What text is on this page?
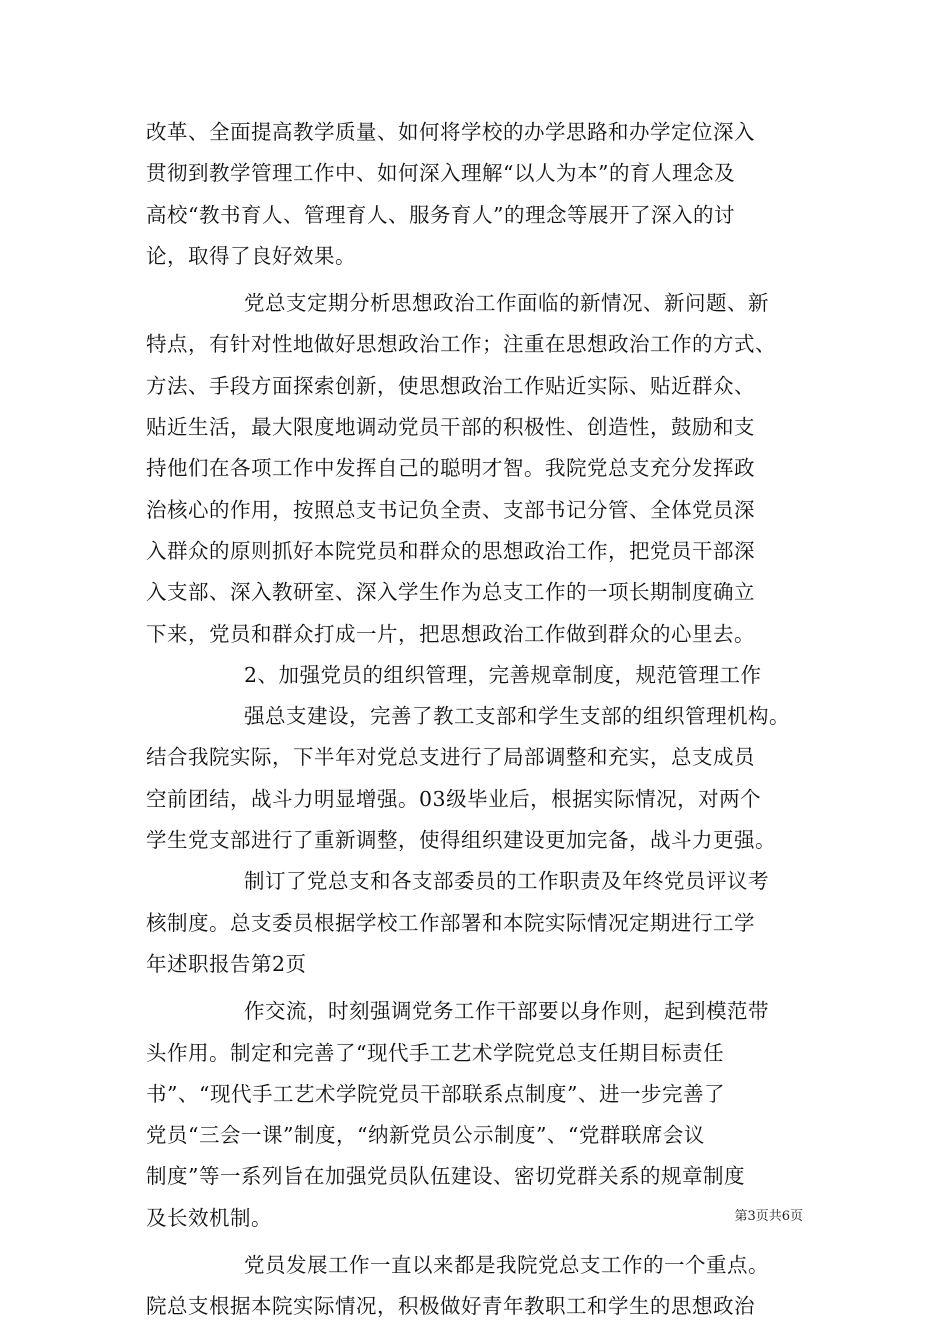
改革、全面提高教学质量、如何将学校的办学思路和办学定位深入
贯彻到教学管理工作中、如何深入理解“以人为本”的育人理念及
高校“教书育人、管理育人、服务育人”的理念等展开了深入的讨
论，取得了良好效果。
党总支定期分析思想政治工作面临的新情况、新问题、新
特点，有针对性地做好思想政治工作；注重在思想政治工作的方式、
方法、手段方面探索创新，使思想政治工作贴近实际、贴近群众、
贴近生活，最大限度地调动党员干部的积极性、创造性，鼓励和支
持他们在各项工作中发挥自己的聪明才智。我院党总支充分发挥政
治核心的作用，按照总支书记负全责、支部书记分管、全体党员深
入群众的原则抓好本院党员和群众的思想政治工作，把党员干部深
入支部、深入教研室、深入学生作为总支工作的一项长期制度确立
下来，党员和群众打成一片，把思想政治工作做到群众的心里去。
2、加强党员的组织管理，完善规章制度，规范管理工作
强总支建设，完善了教工支部和学生支部的组织管理机构。
结合我院实际，下半年对党总支进行了局部调整和充实，总支成员
空前团结，战斗力明显增强。03级毕业后，根据实际情况，对两个
学生党支部进行了重新调整，使得组织建设更加完备，战斗力更强。
制订了党总支和各支部委员的工作职责及年终党员评议考
核制度。总支委员根据学校工作部署和本院实际情况定期进行工学
年述职报告第2页
作交流，时刻强调党务工作干部要以身作则，起到模范带
头作用。制定和完善了“现代手工艺术学院党总支任期目标责任
书”、“现代手工艺术学院党员干部联系点制度”、进一步完善了
党员“三会一课”制度，“纳新党员公示制度”、“党群联席会议
制度”等一系列旨在加强党员队伍建设、密切党群关系的规章制度
及长效机制。
党员发展工作一直以来都是我院党总支工作的一个重点。
院总支根据本院实际情况，积极做好青年教职工和学生的思想政治
第3页共6页
